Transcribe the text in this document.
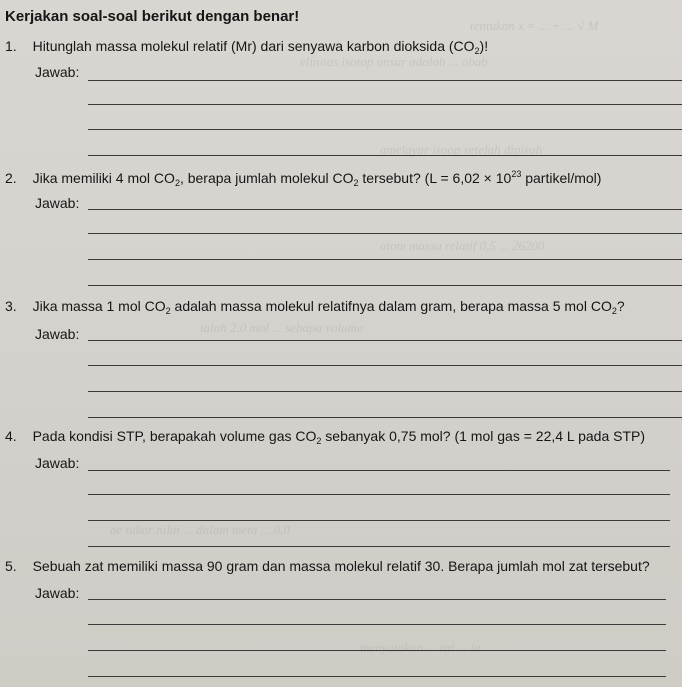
tentukan x = ... + ... √ M
elinitas isotop unsur adalah ... obab
amelayar isoop setelah dipisah
atom massa relatif 0,5 ... 26200
ialah 2,0 mol ... sebapa volume
ae tukar nilai ... dalam meta ... 0,0
menyatakan ... zat ... ia
Kerjakan soal-soal berikut dengan benar!
1. Hitunglah massa molekul relatif (Mr) dari senyawa karbon dioksida $(CO_2)$!
Jawab:
2. Jika memiliki 4 mol $CO_2$, berapa jumlah molekul $CO_2$ tersebut? ($L = 6,02 \times 10^{23}$ partikel/mol)
Jawab:
3. Jika massa 1 mol $CO_2$ adalah massa molekul relatifnya dalam gram, berapa massa 5 mol $CO_2$?
Jawab:
4. Pada kondisi STP, berapakah volume gas $CO_2$ sebanyak 0,75 mol? (1 mol gas = 22,4 L pada STP)
Jawab:
5. Sebuah zat memiliki massa 90 gram dan massa molekul relatif 30. Berapa jumlah mol zat tersebut?
Jawab:
